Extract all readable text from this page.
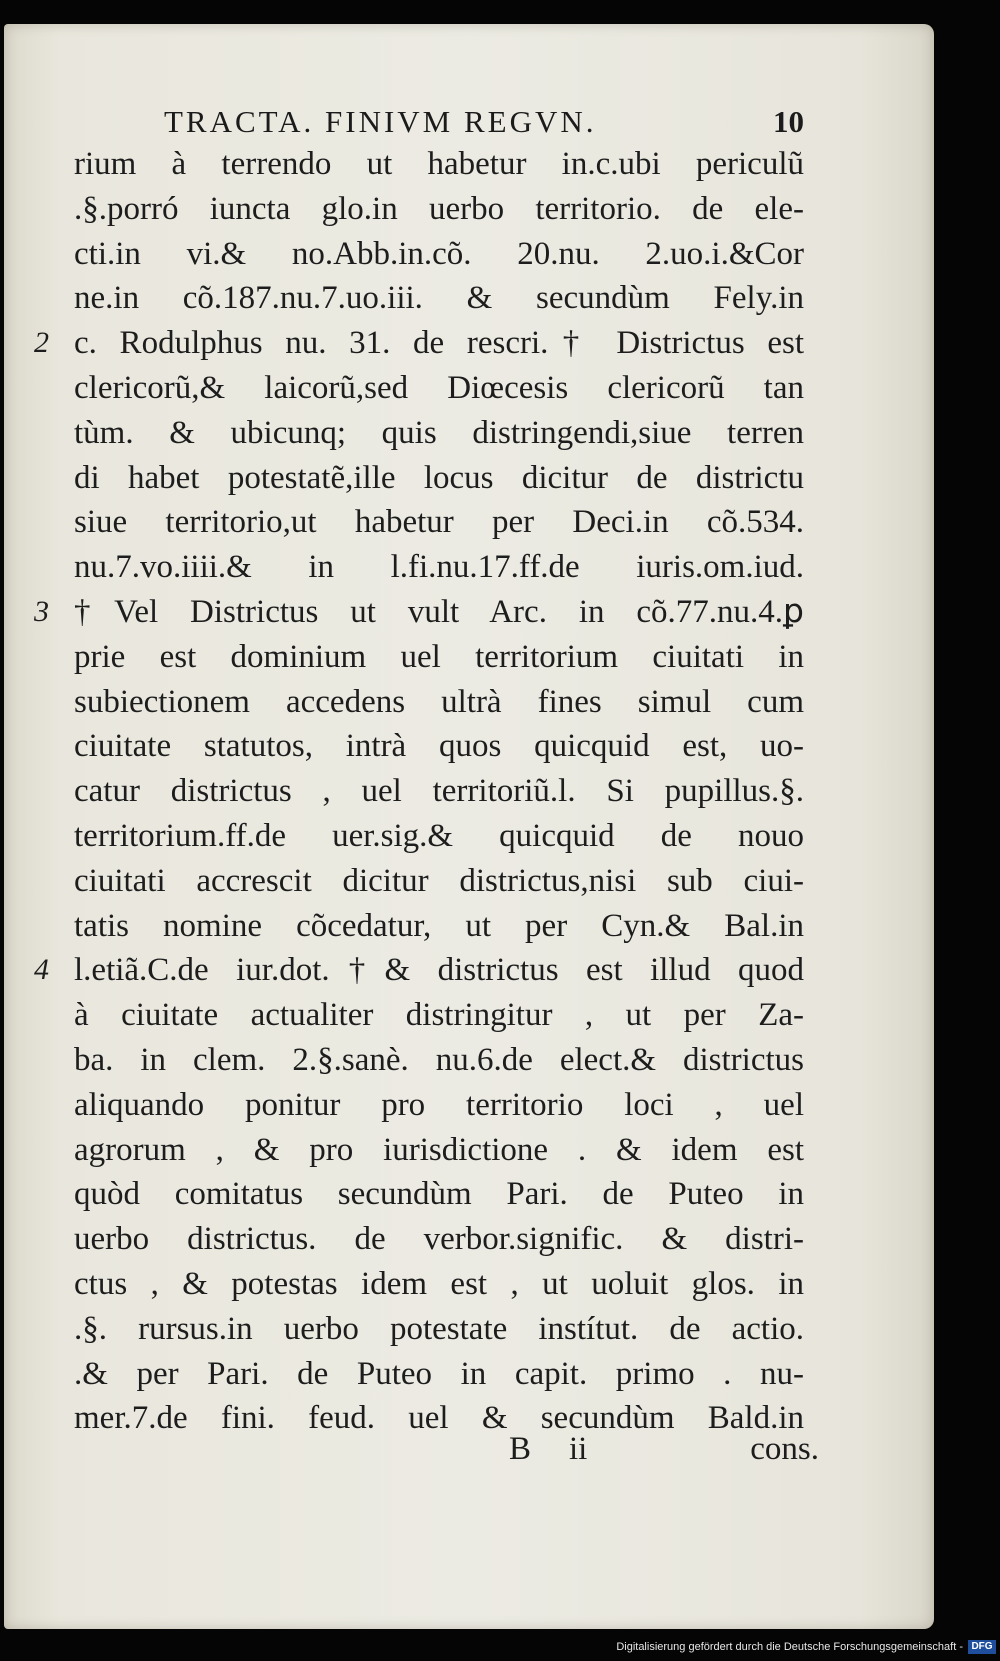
TRACTA. FINIVM REGVN.	10
rium à terrendo ut habetur in.c.ubi periculũ
.§.porró iuncta glo.in uerbo territorio. de ele-
cti.in vi.& no.Abb.in.cõ. 20.nu. 2.uo.i.&Cor
ne.in cõ.187.nu.7.uo.iii. & secundùm Fely.in
2 c. Rodulphus nu. 31. de rescri.† Districtus est
clericorũ,& laicorũ,sed Diœcesis clericorũ tan
tùm. & ubicunq; quis distringendi,siue terren
di habet potestatẽ,ille locus dicitur de districtu
siue territorio,ut habetur per Deci.in cõ.534.
nu.7.vo.iiii.& in l.fi.nu.17.ff.de iuris.om.iud.
3 †Vel Districtus ut vult Arc. in cõ.77.nu.4.ꝑ
prie est dominium uel territorium ciuitati in
subiectionem accedens ultrà fines simul cum
ciuitate statutos, intrà quos quicquid est, uo-
catur districtus , uel territoriũ.l. Si pupillus.§.
territorium.ff.de uer.sig.& quicquid de nouo
ciuitati accrescit dicitur districtus,nisi sub ciui-
tatis nomine cõcedatur, ut per Cyn.& Bal.in
4 l.etiã.C.de iur.dot.†& districtus est illud quod
à ciuitate actualiter distringitur , ut per Za-
ba. in clem. 2.§.sanè. nu.6.de elect.& districtus
aliquando ponitur pro territorio loci , uel
agrorum , & pro iurisdictione . & idem est
quòd comitatus secundùm Pari. de Puteo in
uerbo districtus. de verbor.signific. & distri-
ctus , & potestas idem est , ut uoluit glos. in
.§. rursus.in uerbo potestate instítut. de actio.
.& per Pari. de Puteo in capit. primo . nu-
mer.7.de fini. feud. uel & secundùm Bald.in
B ii	cons.
Digitalisierung gefördert durch die Deutsche Forschungsgemeinschaft - DFG
